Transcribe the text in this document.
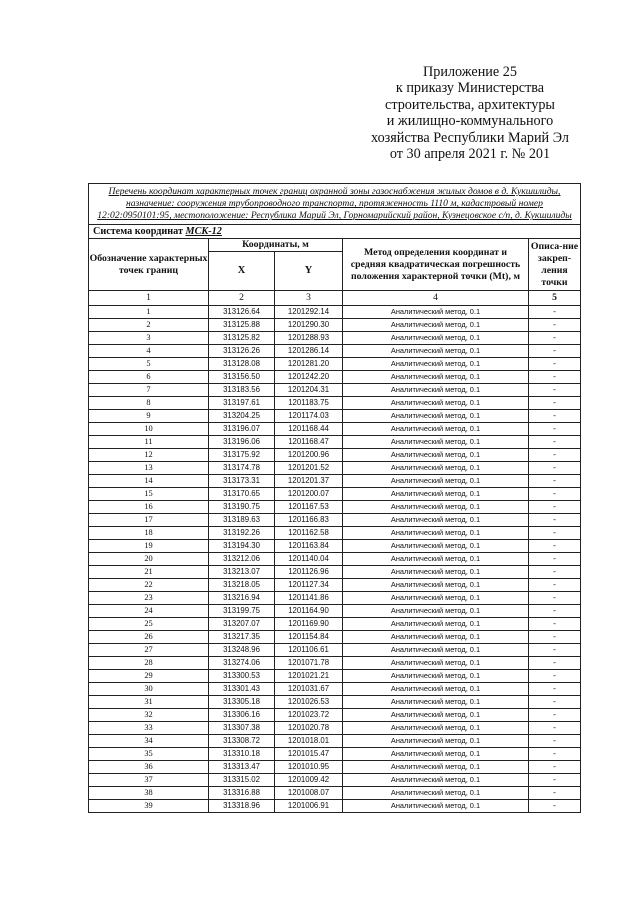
Приложение 25
к приказу Министерства
строительства, архитектуры
и жилищно-коммунального
хозяйства Республики Марий Эл
от 30 апреля 2021 г. № 201
Перечень координат характерных точек границ охранной зоны газоснабжения жилых домов в д. Кукшилиды, назначение: сооружения трубопроводного транспорта, протяженность 1110 м, кадастровый номер 12:02:0950101:95, местоположение: Республика Марий Эл, Горномарийский район, Кузнецовское с/п, д. Кукшилиды				
Система координат МСК-12				
Обозначение характерных точек границ	Координаты, м		Метод определения координат и средняя квадратическая погрешность положения характерной точки (Mt), м	Описа-ние закреп-ления точки
	X	Y		
1	2	3	4	5
1	313126.64	1201292.14	Аналитический метод, 0.1	-
2	313125.88	1201290.30	Аналитический метод, 0.1	-
3	313125.82	1201288.93	Аналитический метод, 0.1	-
4	313126.26	1201286.14	Аналитический метод, 0.1	-
5	313128.08	1201281.20	Аналитический метод, 0.1	-
6	313156.50	1201242.20	Аналитический метод, 0.1	-
7	313183.56	1201204.31	Аналитический метод, 0.1	-
8	313197.61	1201183.75	Аналитический метод, 0.1	-
9	313204.25	1201174.03	Аналитический метод, 0.1	-
10	313196.07	1201168.44	Аналитический метод, 0.1	-
11	313196.06	1201168.47	Аналитический метод, 0.1	-
12	313175.92	1201200.96	Аналитический метод, 0.1	-
13	313174.78	1201201.52	Аналитический метод, 0.1	-
14	313173.31	1201201.37	Аналитический метод, 0.1	-
15	313170.65	1201200.07	Аналитический метод, 0.1	-
16	313190.75	1201167.53	Аналитический метод, 0.1	-
17	313189.63	1201166.83	Аналитический метод, 0.1	-
18	313192.26	1201162.58	Аналитический метод, 0.1	-
19	313194.30	1201163.84	Аналитический метод, 0.1	-
20	313212.06	1201140.04	Аналитический метод, 0.1	-
21	313213.07	1201126.96	Аналитический метод, 0.1	-
22	313218.05	1201127.34	Аналитический метод, 0.1	-
23	313216.94	1201141.86	Аналитический метод, 0.1	-
24	313199.75	1201164.90	Аналитический метод, 0.1	-
25	313207.07	1201169.90	Аналитический метод, 0.1	-
26	313217.35	1201154.84	Аналитический метод, 0.1	-
27	313248.96	1201106.61	Аналитический метод, 0.1	-
28	313274.06	1201071.78	Аналитический метод, 0.1	-
29	313300.53	1201021.21	Аналитический метод, 0.1	-
30	313301.43	1201031.67	Аналитический метод, 0.1	-
31	313305.18	1201026.53	Аналитический метод, 0.1	-
32	313306.16	1201023.72	Аналитический метод, 0.1	-
33	313307.38	1201020.78	Аналитический метод, 0.1	-
34	313308.72	1201018.01	Аналитический метод, 0.1	-
35	313310.18	1201015.47	Аналитический метод, 0.1	-
36	313313.47	1201010.95	Аналитический метод, 0.1	-
37	313315.02	1201009.42	Аналитический метод, 0.1	-
38	313316.88	1201008.07	Аналитический метод, 0.1	-
39	313318.96	1201006.91	Аналитический метод, 0.1	-
